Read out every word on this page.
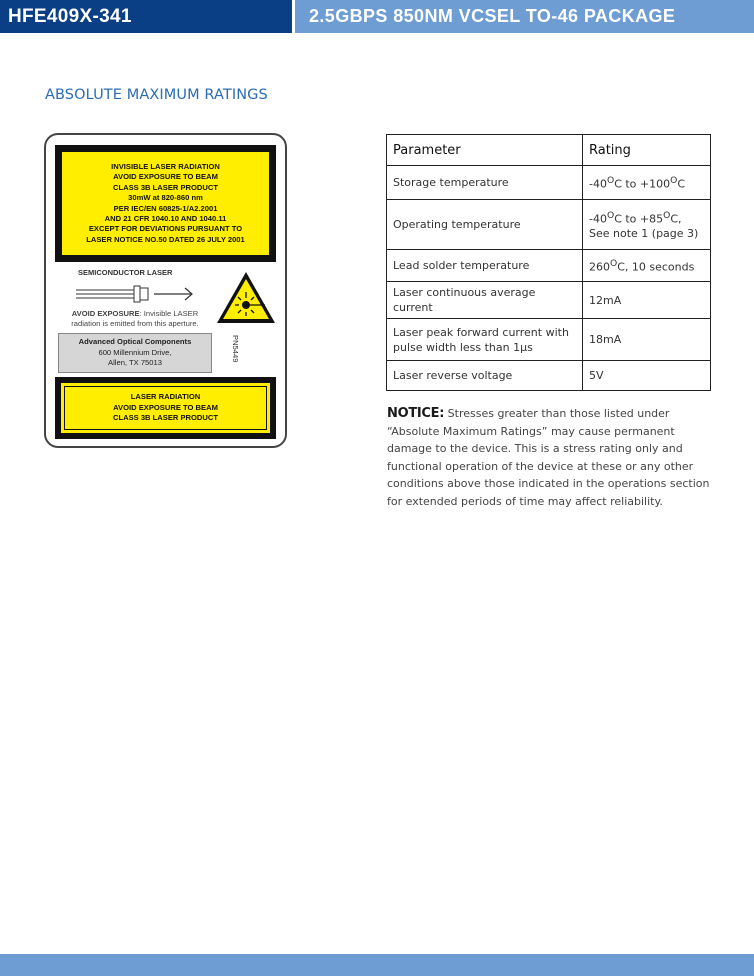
HFE409X-341	2.5GBPS 850NM VCSEL TO-46 PACKAGE
ABSOLUTE MAXIMUM RATINGS
INVISIBLE LASER RADIATION
AVOID EXPOSURE TO BEAM
CLASS 3B LASER PRODUCT
30mW at 820-860 nm
PER IEC/EN 60825-1/A2.2001
AND 21 CFR 1040.10 AND 1040.11
EXCEPT FOR DEVIATIONS PURSUANT TO
LASER NOTICE NO.50 DATED 26 JULY 2001
SEMICONDUCTOR LASER
AVOID EXPOSURE: Invisible LASER
radiation is emitted from this aperture.
Advanced Optical Components
600 Millennium Drive,
Allen, TX 75013
PN5449
LASER RADIATION
AVOID EXPOSURE TO BEAM
CLASS 3B LASER PRODUCT
Parameter	Rating
Storage temperature	$-40^OC$ to $+100^OC$
Operating temperature	$-40^OC$ to $+85^OC$,
See note 1 (page 3)
Lead solder temperature	$260^OC$, 10 seconds
Laser continuous average current	12mA
Laser peak forward current with pulse width less than 1µs	18mA
Laser reverse voltage	5V
NOTICE: Stresses greater than those listed under “Absolute Maximum Ratings” may cause permanent damage to the device. This is a stress rating only and functional operation of the device at these or any other conditions above those indicated in the operations section for extended periods of time may affect reliability.
